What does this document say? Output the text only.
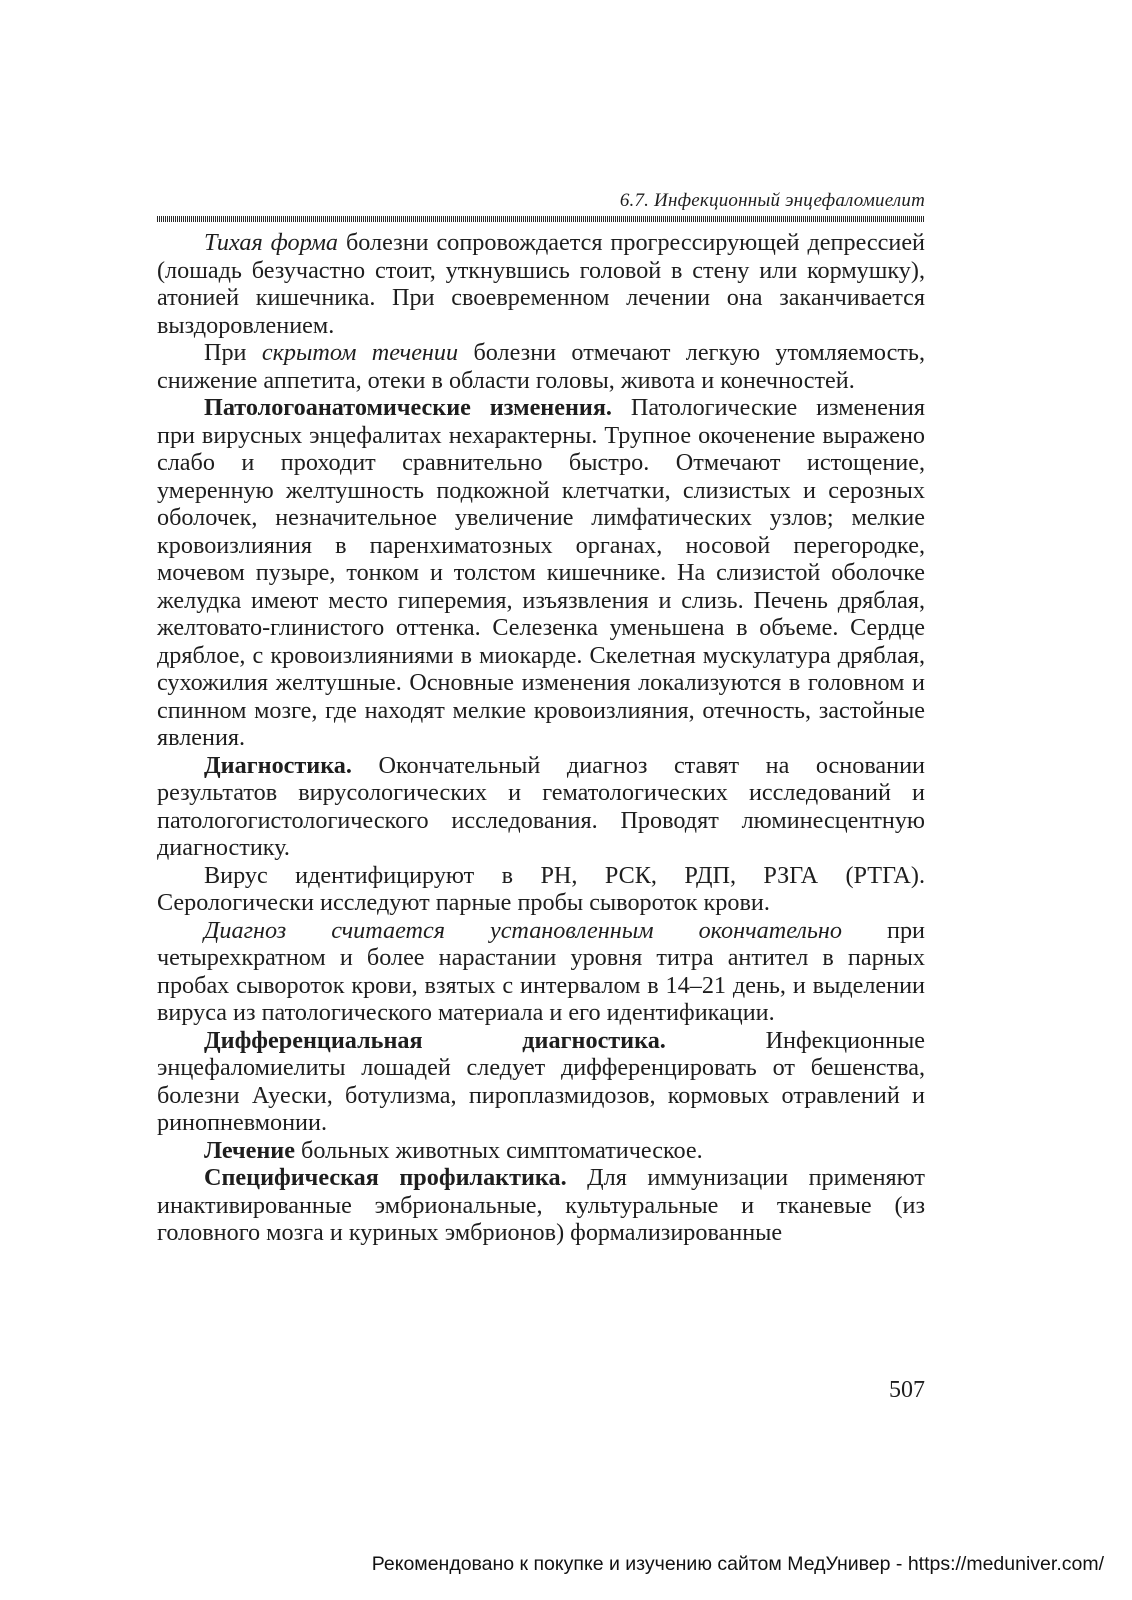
6.7. Инфекционный энцефаломиелит

Тихая форма болезни сопровождается прогрессирующей депрессией (лошадь безучастно стоит, уткнувшись головой в стену или кормушку), атонией кишечника. При своевременном лечении она заканчивается выздоровлением.

При скрытом течении болезни отмечают легкую утомляемость, снижение аппетита, отеки в области головы, живота и конечностей.

Патологоанатомические изменения. Патологические изменения при вирусных энцефалитах нехарактерны. Трупное окоченение выражено слабо и проходит сравнительно быстро. Отмечают истощение, умеренную желтушность подкожной клетчатки, слизистых и серозных оболочек, незначительное увеличение лимфатических узлов; мелкие кровоизлияния в паренхиматозных органах, носовой перегородке, мочевом пузыре, тонком и толстом кишечнике. На слизистой оболочке желудка имеют место гиперемия, изъязвления и слизь. Печень дряблая, желтовато-глинистого оттенка. Селезенка уменьшена в объеме. Сердце дряблое, с кровоизлияниями в миокарде. Скелетная мускулатура дряблая, сухожилия желтушные. Основные изменения локализуются в головном и спинном мозге, где находят мелкие кровоизлияния, отечность, застойные явления.

Диагностика. Окончательный диагноз ставят на основании результатов вирусологических и гематологических исследований и патологогистологического исследования. Проводят люминесцентную диагностику.

Вирус идентифицируют в РН, РСК, РДП, РЗГА (РТГА). Серологически исследуют парные пробы сывороток крови.

Диагноз считается установленным окончательно при четырехкратном и более нарастании уровня титра антител в парных пробах сывороток крови, взятых с интервалом в 14–21 день, и выделении вируса из патологического материала и его идентификации.

Дифференциальная диагностика. Инфекционные энцефаломиелиты лошадей следует дифференцировать от бешенства, болезни Ауески, ботулизма, пироплазмидозов, кормовых отравлений и ринопневмонии.

Лечение больных животных симптоматическое.

Специфическая профилактика. Для иммунизации применяют инактивированные эмбриональные, культуральные и тканевые (из головного мозга и куриных эмбрионов) формализированные

507
Рекомендовано к покупке и изучению сайтом МедУнивер - https://meduniver.com/
